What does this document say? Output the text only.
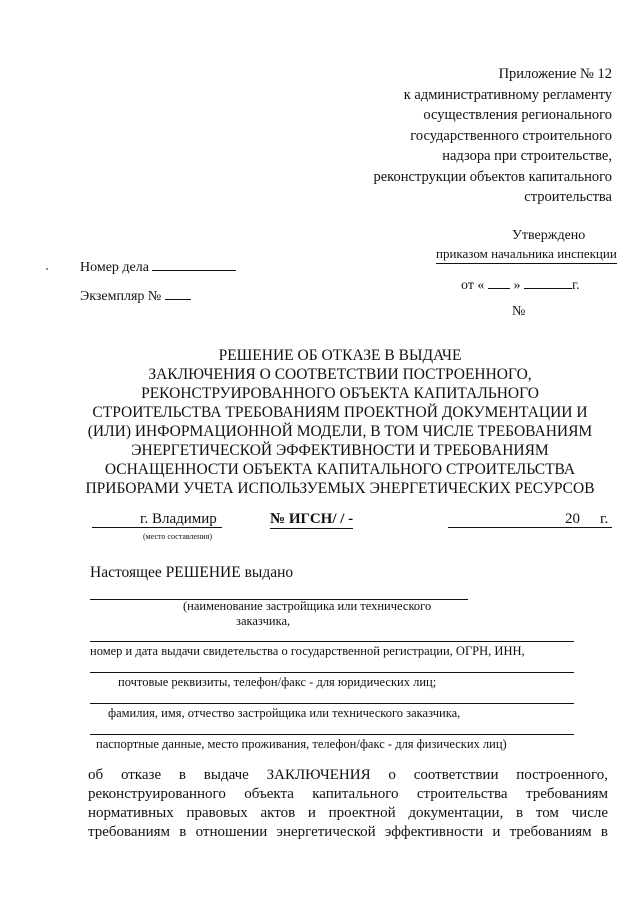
Приложение № 12
к административному регламенту
осуществления регионального
государственного строительного
надзора при строительстве,
реконструкции объектов капитального
строительства
Утверждено
приказом начальника инспекции
от « »	г.
№
Номер дела
Экземпляр №
РЕШЕНИЕ ОБ ОТКАЗЕ В ВЫДАЧЕ
ЗАКЛЮЧЕНИЯ О СООТВЕТСТВИИ ПОСТРОЕННОГО,
РЕКОНСТРУИРОВАННОГО ОБЪЕКТА КАПИТАЛЬНОГО
СТРОИТЕЛЬСТВА ТРЕБОВАНИЯМ ПРОЕКТНОЙ ДОКУМЕНТАЦИИ И
(ИЛИ) ИНФОРМАЦИОННОЙ МОДЕЛИ, В ТОМ ЧИСЛЕ ТРЕБОВАНИЯМ
ЭНЕРГЕТИЧЕСКОЙ ЭФФЕКТИВНОСТИ И ТРЕБОВАНИЯМ
ОСНАЩЕННОСТИ ОБЪЕКТА КАПИТАЛЬНОГО СТРОИТЕЛЬСТВА
ПРИБОРАМИ УЧЕТА ИСПОЛЬЗУЕМЫХ ЭНЕРГЕТИЧЕСКИХ РЕСУРСОВ
г. Владимир	№ ИГСН/ / -	20 г.
(место составления)
Настоящее РЕШЕНИЕ выдано
(наименование застройщика или технического
заказчика,
номер и дата выдачи свидетельства о государственной регистрации, ОГРН, ИНН,
почтовые реквизиты, телефон/факс - для юридических лиц;
фамилия, имя, отчество застройщика или технического заказчика,
паспортные данные, место проживания, телефон/факс - для физических лиц)
об отказе в выдаче ЗАКЛЮЧЕНИЯ о соответствии построенного,
реконструированного объекта капитального строительства требованиям
нормативных правовых актов и проектной документации, в том числе
требованиям в отношении энергетической эффективности и требованиям в
